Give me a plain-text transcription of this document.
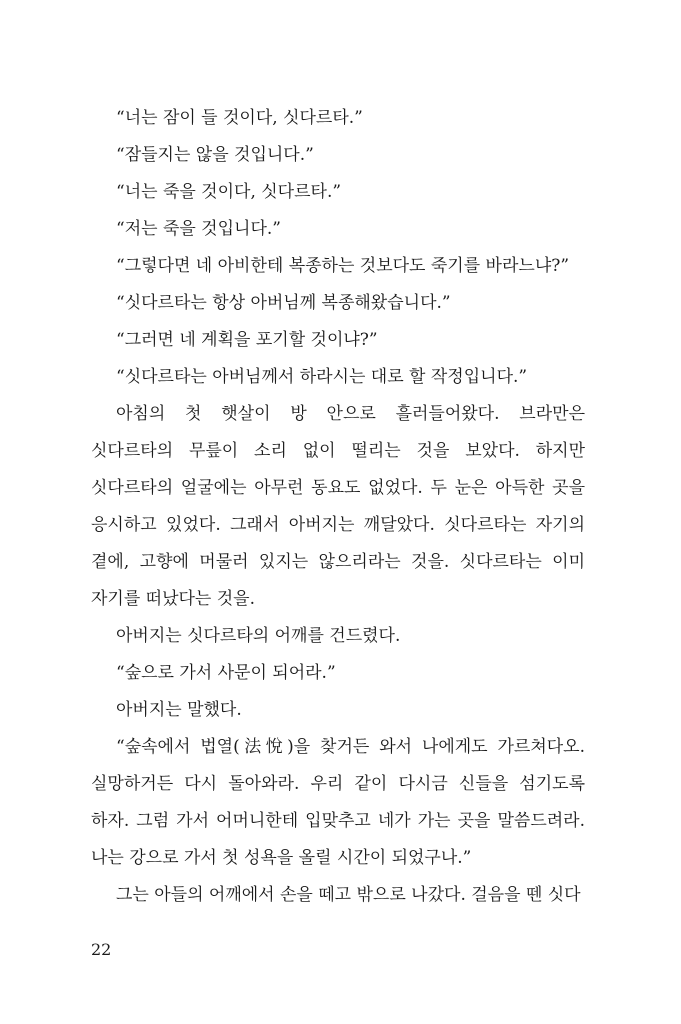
“너는 잠이 들 것이다, 싯다르타.”

“잠들지는 않을 것입니다.”

“너는 죽을 것이다, 싯다르타.”

“저는 죽을 것입니다.”

“그렇다면 네 아비한테 복종하는 것보다도 죽기를 바라느냐?”

“싯다르타는 항상 아버님께 복종해왔습니다.”

“그러면 네 계획을 포기할 것이냐?”

“싯다르타는 아버님께서 하라시는 대로 할 작정입니다.”

아침의 첫 햇살이 방 안으로 흘러들어왔다. 브라만은 싯다르타의 무릎이 소리 없이 떨리는 것을 보았다. 하지만 싯다르타의 얼굴에는 아무런 동요도 없었다. 두 눈은 아득한 곳을 응시하고 있었다. 그래서 아버지는 깨달았다. 싯다르타는 자기의 곁에, 고향에 머물러 있지는 않으리라는 것을. 싯다르타는 이미 자기를 떠났다는 것을.

아버지는 싯다르타의 어깨를 건드렸다.

“숲으로 가서 사문이 되어라.”

아버지는 말했다.

“숲속에서 법열(法悅)을 찾거든 와서 나에게도 가르쳐다오. 실망하거든 다시 돌아와라. 우리 같이 다시금 신들을 섬기도록 하자. 그럼 가서 어머니한테 입맞추고 네가 가는 곳을 말씀드려라. 나는 강으로 가서 첫 성욕을 올릴 시간이 되었구나.”

그는 아들의 어깨에서 손을 떼고 밖으로 나갔다. 걸음을 뗀 싯다

22
